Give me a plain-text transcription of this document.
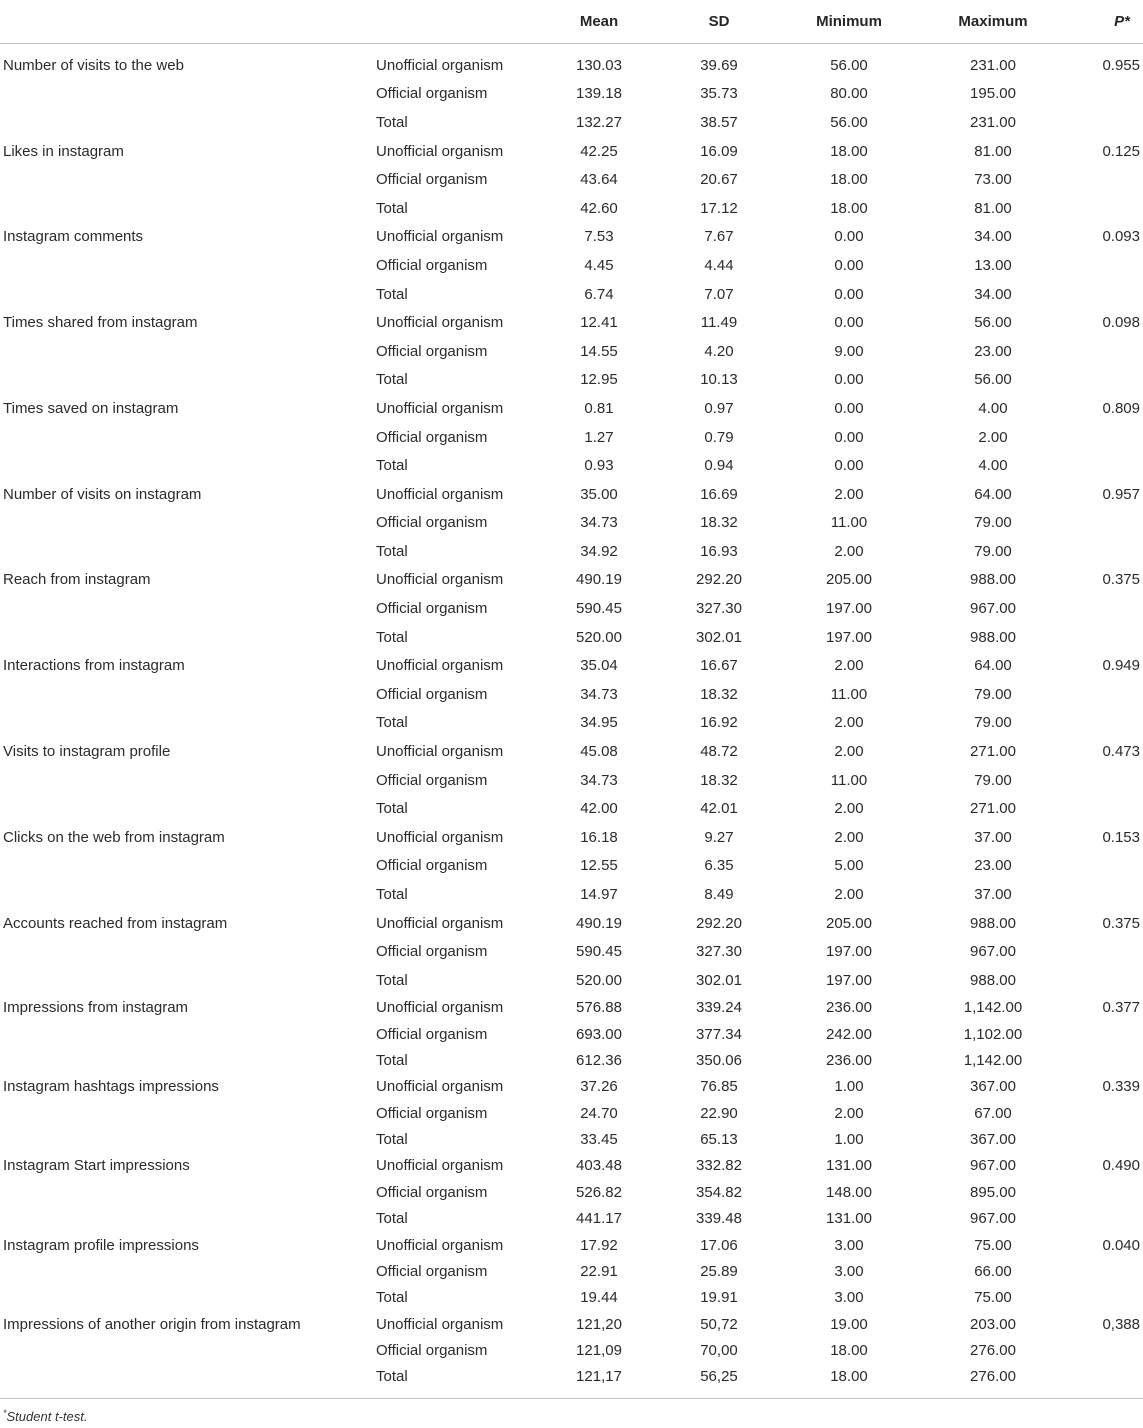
		Mean	SD	Minimum	Maximum	P*

Number of visits to the web	Unofficial organism	130.03	39.69	56.00	231.00	0.955
	Official organism	139.18	35.73	80.00	195.00	
	Total	132.27	38.57	56.00	231.00	
Likes in instagram	Unofficial organism	42.25	16.09	18.00	81.00	0.125
	Official organism	43.64	20.67	18.00	73.00	
	Total	42.60	17.12	18.00	81.00	
Instagram comments	Unofficial organism	7.53	7.67	0.00	34.00	0.093
	Official organism	4.45	4.44	0.00	13.00	
	Total	6.74	7.07	0.00	34.00	
Times shared from instagram	Unofficial organism	12.41	11.49	0.00	56.00	0.098
	Official organism	14.55	4.20	9.00	23.00	
	Total	12.95	10.13	0.00	56.00	
Times saved on instagram	Unofficial organism	0.81	0.97	0.00	4.00	0.809
	Official organism	1.27	0.79	0.00	2.00	
	Total	0.93	0.94	0.00	4.00	
Number of visits on instagram	Unofficial organism	35.00	16.69	2.00	64.00	0.957
	Official organism	34.73	18.32	11.00	79.00	
	Total	34.92	16.93	2.00	79.00	
Reach from instagram	Unofficial organism	490.19	292.20	205.00	988.00	0.375
	Official organism	590.45	327.30	197.00	967.00	
	Total	520.00	302.01	197.00	988.00	
Interactions from instagram	Unofficial organism	35.04	16.67	2.00	64.00	0.949
	Official organism	34.73	18.32	11.00	79.00	
	Total	34.95	16.92	2.00	79.00	
Visits to instagram profile	Unofficial organism	45.08	48.72	2.00	271.00	0.473
	Official organism	34.73	18.32	11.00	79.00	
	Total	42.00	42.01	2.00	271.00	
Clicks on the web from instagram	Unofficial organism	16.18	9.27	2.00	37.00	0.153
	Official organism	12.55	6.35	5.00	23.00	
	Total	14.97	8.49	2.00	37.00	
Accounts reached from instagram	Unofficial organism	490.19	292.20	205.00	988.00	0.375
	Official organism	590.45	327.30	197.00	967.00	
	Total	520.00	302.01	197.00	988.00	
Impressions from instagram	Unofficial organism	576.88	339.24	236.00	1,142.00	0.377
	Official organism	693.00	377.34	242.00	1,102.00	
	Total	612.36	350.06	236.00	1,142.00	
Instagram hashtags impressions	Unofficial organism	37.26	76.85	1.00	367.00	0.339
	Official organism	24.70	22.90	2.00	67.00	
	Total	33.45	65.13	1.00	367.00	
Instagram Start impressions	Unofficial organism	403.48	332.82	131.00	967.00	0.490
	Official organism	526.82	354.82	148.00	895.00	
	Total	441.17	339.48	131.00	967.00	
Instagram profile impressions	Unofficial organism	17.92	17.06	3.00	75.00	0.040
	Official organism	22.91	25.89	3.00	66.00	
	Total	19.44	19.91	3.00	75.00	
Impressions of another origin from instagram	Unofficial organism	121,20	50,72	19.00	203.00	0,388
	Official organism	121,09	70,00	18.00	276.00	
	Total	121,17	56,25	18.00	276.00	
*Student t-test.
